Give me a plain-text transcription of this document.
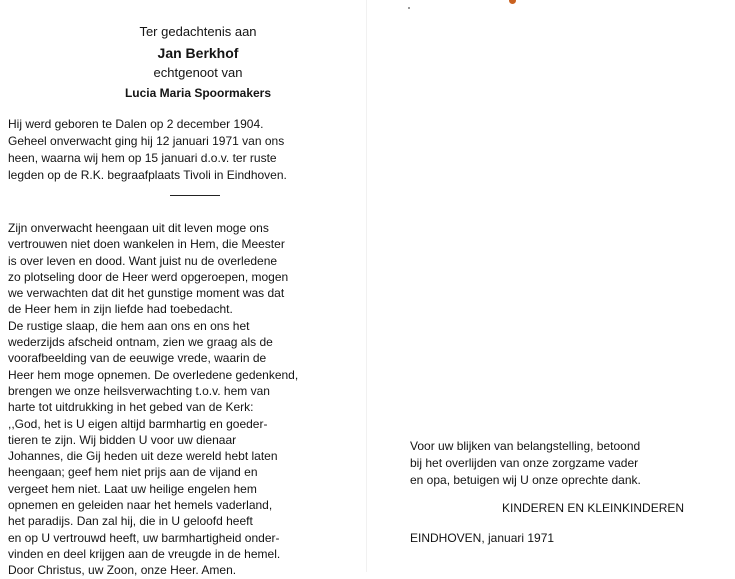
Ter gedachtenis aan
Jan Berkhof
echtgenoot van
Lucia Maria Spoormakers
Hij werd geboren te Dalen op 2 december 1904.
Geheel onverwacht ging hij 12 januari 1971 van ons
heen, waarna wij hem op 15 januari d.o.v. ter ruste
legden op de R.K. begraafplaats Tivoli in Eindhoven.
Zijn onverwacht heengaan uit dit leven moge ons
vertrouwen niet doen wankelen in Hem, die Meester
is over leven en dood. Want juist nu de overledene
zo plotseling door de Heer werd opgeroepen, mogen
we verwachten dat dit het gunstige moment was dat
de Heer hem in zijn liefde had toebedacht.
De rustige slaap, die hem aan ons en ons het
wederzijds afscheid ontnam, zien we graag als de
voorafbeelding van de eeuwige vrede, waarin de
Heer hem moge opnemen. De overledene gedenkend,
brengen we onze heilsverwachting t.o.v. hem van
harte tot uitdrukking in het gebed van de Kerk:
,,God, het is U eigen altijd barmhartig en goeder-
tieren te zijn. Wij bidden U voor uw dienaar
Johannes, die Gij heden uit deze wereld hebt laten
heengaan; geef hem niet prijs aan de vijand en
vergeet hem niet. Laat uw heilige engelen hem
opnemen en geleiden naar het hemels vaderland,
het paradijs. Dan zal hij, die in U geloofd heeft
en op U vertrouwd heeft, uw barmhartigheid onder-
vinden en deel krijgen aan de vreugde in de hemel.
Door Christus, uw Zoon, onze Heer. Amen.
Voor uw blijken van belangstelling, betoond
bij het overlijden van onze zorgzame vader
en opa, betuigen wij U onze oprechte dank.
KINDEREN EN KLEINKINDEREN
EINDHOVEN, januari 1971
